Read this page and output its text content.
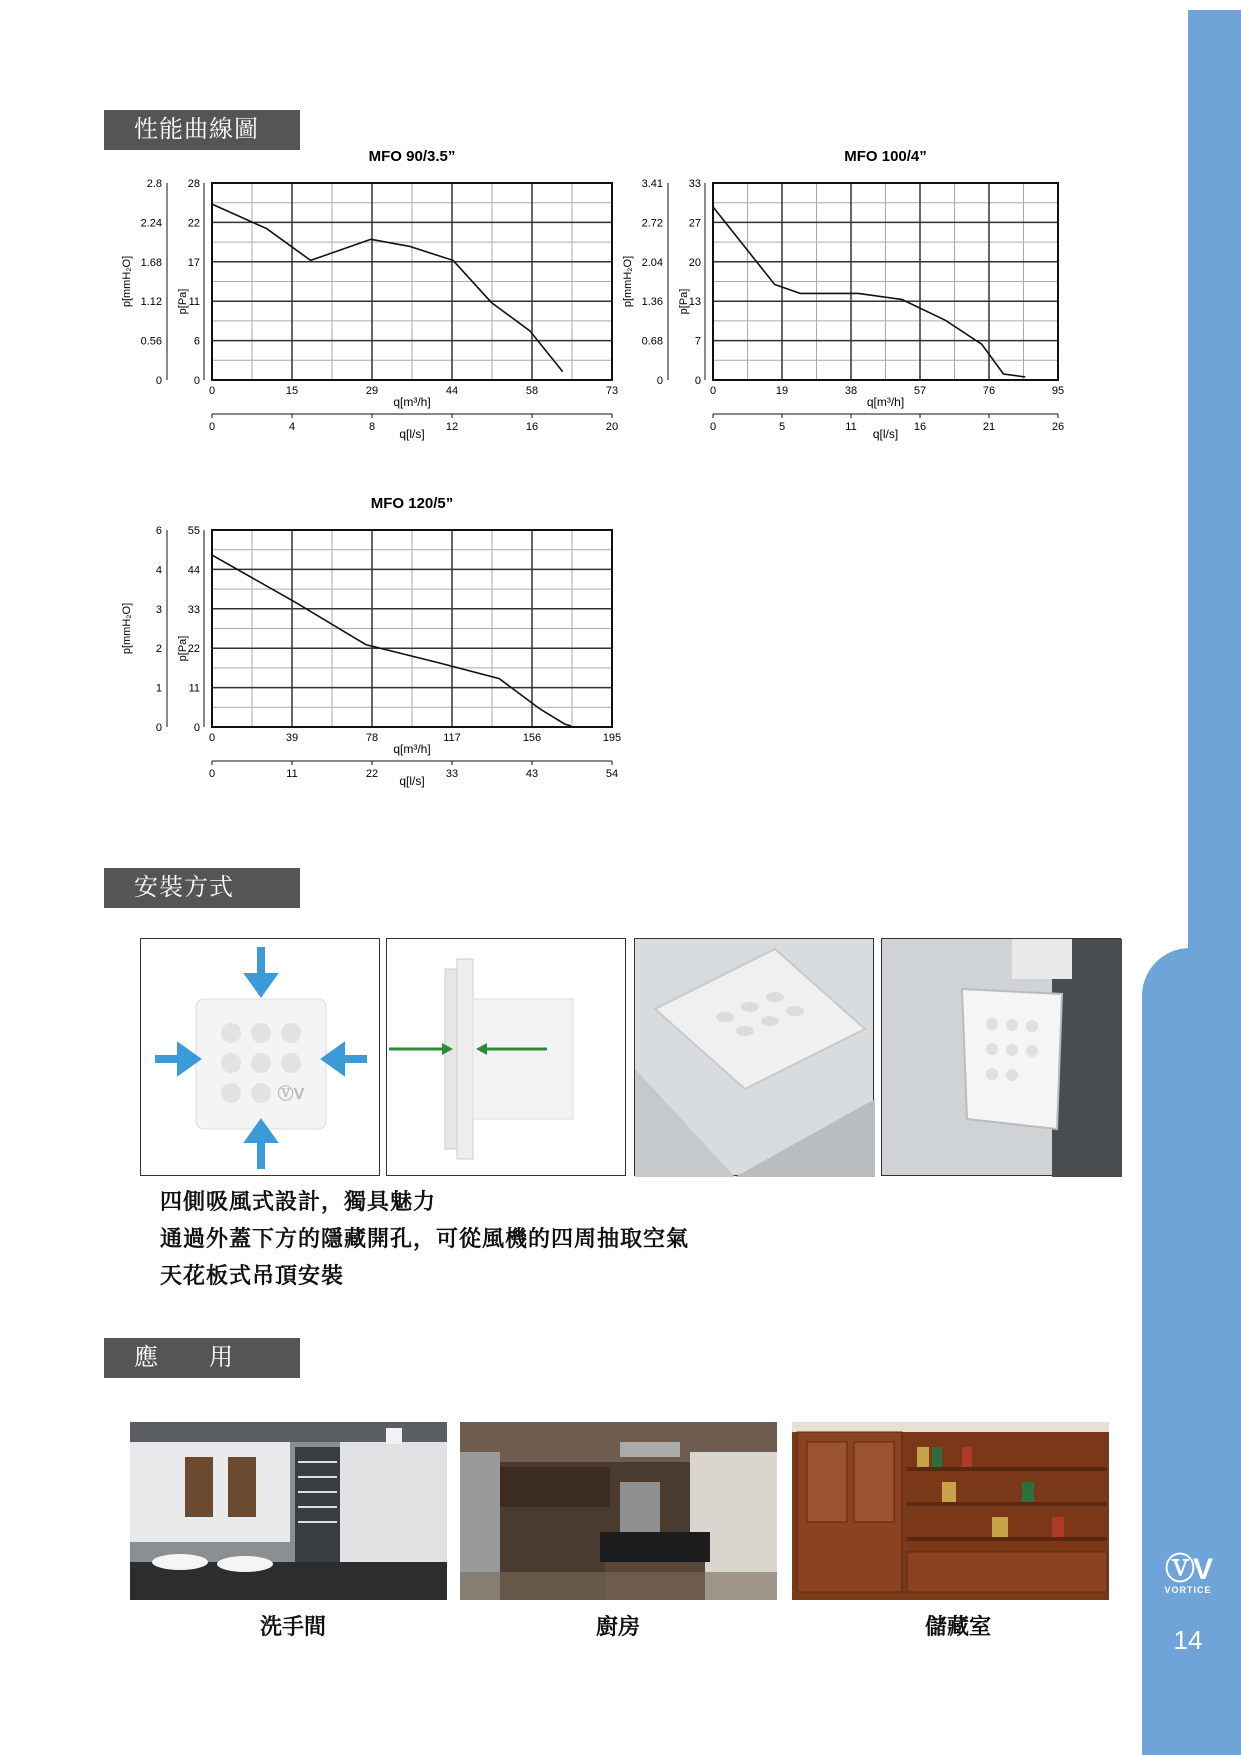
ⓋV
VORTICE
14
性能曲線圖
MFO 90/3.5”
0
6
11
17
22
28
0
0.56
1.12
1.68
2.24
2.8
p[mmH₂O]	p[Pa]
0	15	29	44	58	73
q[m³/h]
0	4	8	12	16	20
q[l/s]
MFO 100/4”
0
7
13
20
27
33
0
0.68
1.36
2.04
2.72
3.41
p[mmH₂O]	p[Pa]
0	19	38	57	76	95
q[m³/h]
0	5	11	16	21	26
q[l/s]
MFO 120/5”
0
11
22
33
44
55
0
1
2
3
4
6
p[mmH₂O]	p[Pa]
0	39	78	117	156	195
q[m³/h]
0	11	22	33	43	54
q[l/s]
安裝方式
ⓋV
四側吸風式設計，獨具魅力
通過外蓋下方的隱藏開孔，可從風機的四周抽取空氣
天花板式吊頂安裝
應　　用
洗手間	廚房	儲藏室
